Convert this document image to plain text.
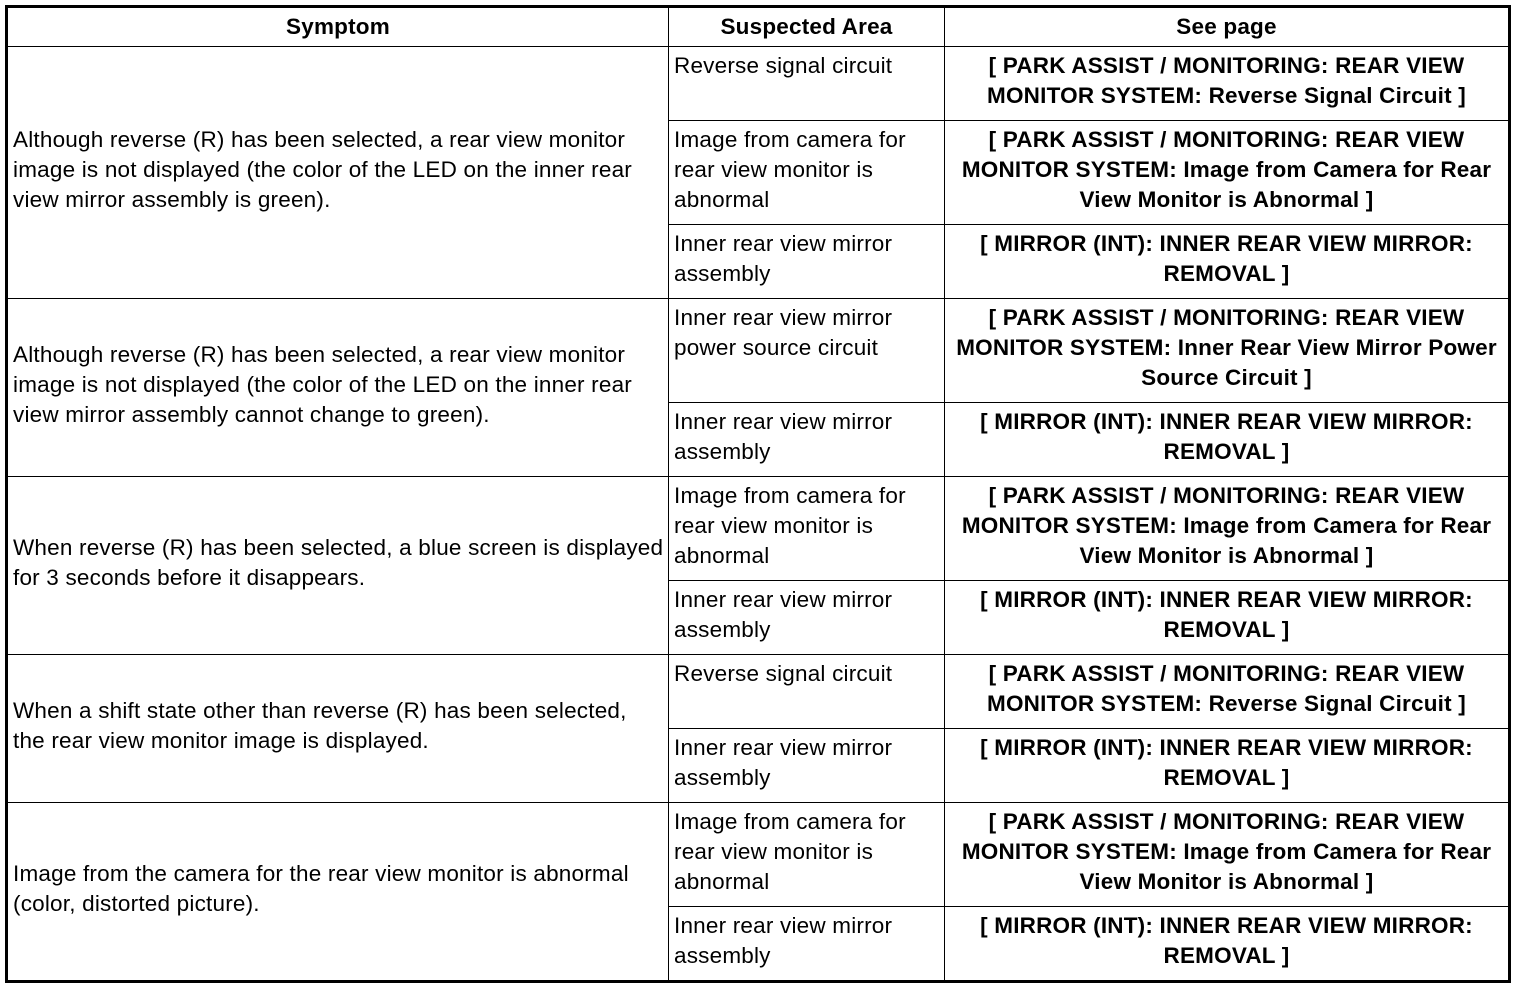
Symptom	Suspected Area	See page
Although reverse (R) has been selected, a rear view monitor image is not displayed (the color of the LED on the inner rear view mirror assembly is green).	Reverse signal circuit	[ PARK ASSIST / MONITORING: REAR VIEW MONITOR SYSTEM: Reverse Signal Circuit ]
	Image from camera for rear view monitor is abnormal	[ PARK ASSIST / MONITORING: REAR VIEW MONITOR SYSTEM: Image from Camera for Rear View Monitor is Abnormal ]
	Inner rear view mirror assembly	[ MIRROR (INT): INNER REAR VIEW MIRROR: REMOVAL ]
Although reverse (R) has been selected, a rear view monitor image is not displayed (the color of the LED on the inner rear view mirror assembly cannot change to green).	Inner rear view mirror power source circuit	[ PARK ASSIST / MONITORING: REAR VIEW MONITOR SYSTEM: Inner Rear View Mirror Power Source Circuit ]
	Inner rear view mirror assembly	[ MIRROR (INT): INNER REAR VIEW MIRROR: REMOVAL ]
When reverse (R) has been selected, a blue screen is displayed for 3 seconds before it disappears.	Image from camera for rear view monitor is abnormal	[ PARK ASSIST / MONITORING: REAR VIEW MONITOR SYSTEM: Image from Camera for Rear View Monitor is Abnormal ]
	Inner rear view mirror assembly	[ MIRROR (INT): INNER REAR VIEW MIRROR: REMOVAL ]
When a shift state other than reverse (R) has been selected, the rear view monitor image is displayed.	Reverse signal circuit	[ PARK ASSIST / MONITORING: REAR VIEW MONITOR SYSTEM: Reverse Signal Circuit ]
	Inner rear view mirror assembly	[ MIRROR (INT): INNER REAR VIEW MIRROR: REMOVAL ]
Image from the camera for the rear view monitor is abnormal (color, distorted picture).	Image from camera for rear view monitor is abnormal	[ PARK ASSIST / MONITORING: REAR VIEW MONITOR SYSTEM: Image from Camera for Rear View Monitor is Abnormal ]
	Inner rear view mirror assembly	[ MIRROR (INT): INNER REAR VIEW MIRROR: REMOVAL ]
